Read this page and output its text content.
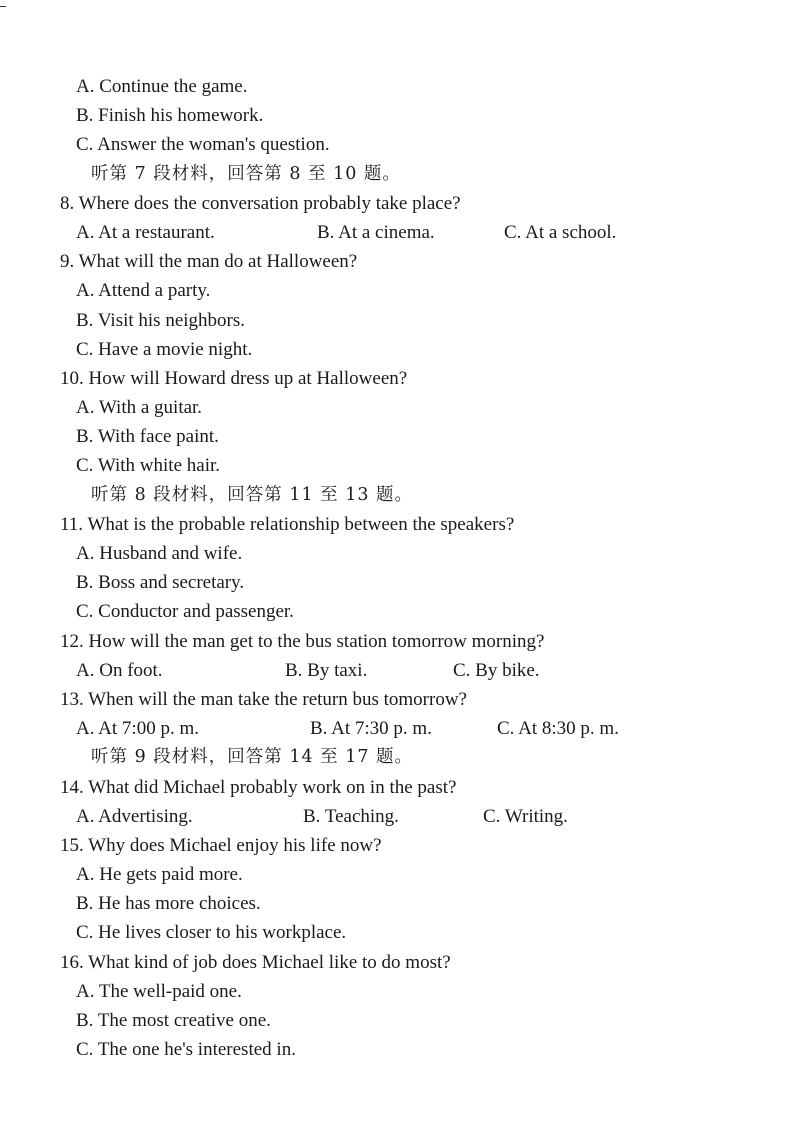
A. Continue the game.
B. Finish his homework.
C. Answer the woman's question.
听第 7 段材料，回答第 8 至 10 题。
8. Where does the conversation probably take place?
A. At a restaurant.	B. At a cinema.	C. At a school.
9. What will the man do at Halloween?
A. Attend a party.
B. Visit his neighbors.
C. Have a movie night.
10. How will Howard dress up at Halloween?
A. With a guitar.
B. With face paint.
C. With white hair.
听第 8 段材料，回答第 11 至 13 题。
11. What is the probable relationship between the speakers?
A. Husband and wife.
B. Boss and secretary.
C. Conductor and passenger.
12. How will the man get to the bus station tomorrow morning?
A. On foot.	B. By taxi.	C. By bike.
13. When will the man take the return bus tomorrow?
A. At 7:00 p. m.	B. At 7:30 p. m.	C. At 8:30 p. m.
听第 9 段材料，回答第 14 至 17 题。
14. What did Michael probably work on in the past?
A. Advertising.	B. Teaching.	C. Writing.
15. Why does Michael enjoy his life now?
A. He gets paid more.
B. He has more choices.
C. He lives closer to his workplace.
16. What kind of job does Michael like to do most?
A. The well-paid one.
B. The most creative one.
C. The one he's interested in.
